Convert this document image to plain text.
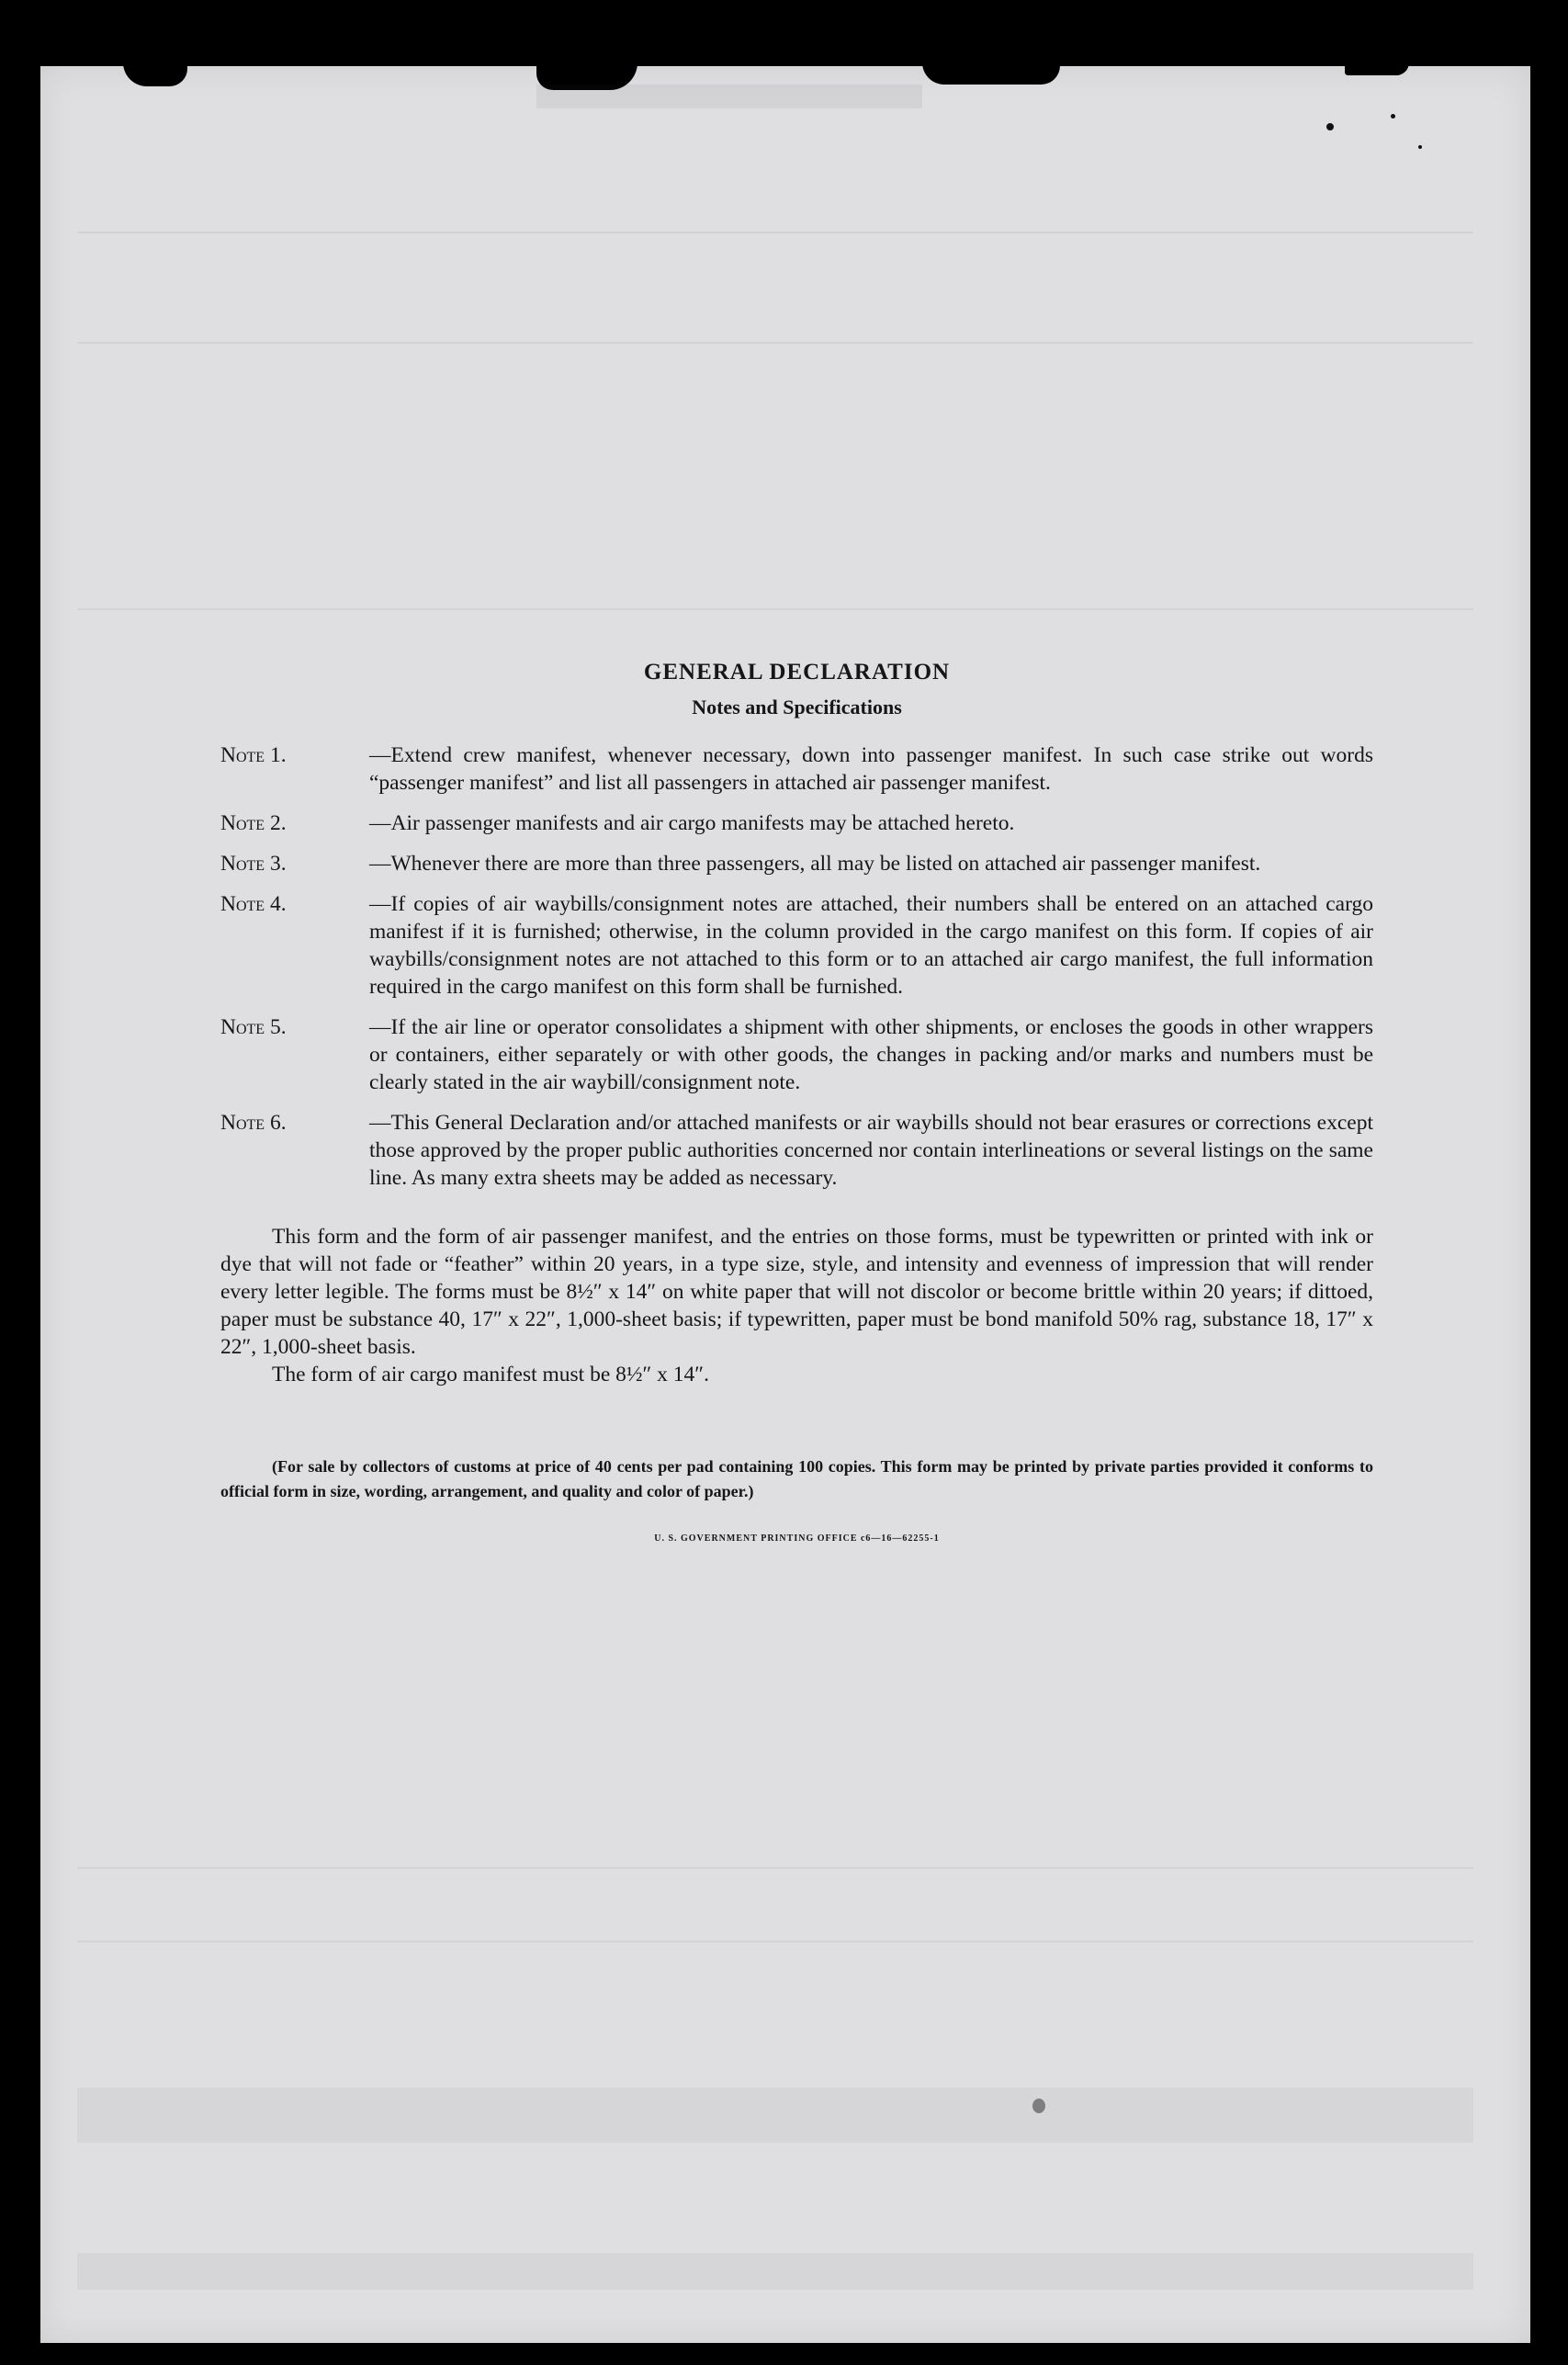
GENERAL DECLARATION
Notes and Specifications
Note 1.	—Extend crew manifest, whenever necessary, down into passenger manifest. In such case strike out words “passenger manifest” and list all passengers in attached air passenger manifest.
Note 2.	—Air passenger manifests and air cargo manifests may be attached hereto.
Note 3.	—Whenever there are more than three passengers, all may be listed on attached air passenger manifest.
Note 4.	—If copies of air waybills/consignment notes are attached, their numbers shall be entered on an attached cargo manifest if it is furnished; otherwise, in the column provided in the cargo manifest on this form. If copies of air waybills/consignment notes are not attached to this form or to an attached air cargo manifest, the full information required in the cargo manifest on this form shall be furnished.
Note 5.	—If the air line or operator consolidates a shipment with other shipments, or encloses the goods in other wrappers or containers, either separately or with other goods, the changes in packing and/or marks and numbers must be clearly stated in the air waybill/consignment note.
Note 6.	—This General Declaration and/or attached manifests or air waybills should not bear erasures or corrections except those approved by the proper public authorities concerned nor contain interlineations or several listings on the same line. As many extra sheets may be added as necessary.
This form and the form of air passenger manifest, and the entries on those forms, must be typewritten or printed with ink or dye that will not fade or “feather” within 20 years, in a type size, style, and intensity and evenness of impression that will render every letter legible. The forms must be 8½″ x 14″ on white paper that will not discolor or become brittle within 20 years; if dittoed, paper must be substance 40, 17″ x 22″, 1,000-sheet basis; if typewritten, paper must be bond manifold 50% rag, substance 18, 17″ x 22″, 1,000-sheet basis.
The form of air cargo manifest must be 8½″ x 14″.
(For sale by collectors of customs at price of 40 cents per pad containing 100 copies. This form may be printed by private parties provided it conforms to official form in size, wording, arrangement, and quality and color of paper.)
U. S. GOVERNMENT PRINTING OFFICE c6—16—62255-1
